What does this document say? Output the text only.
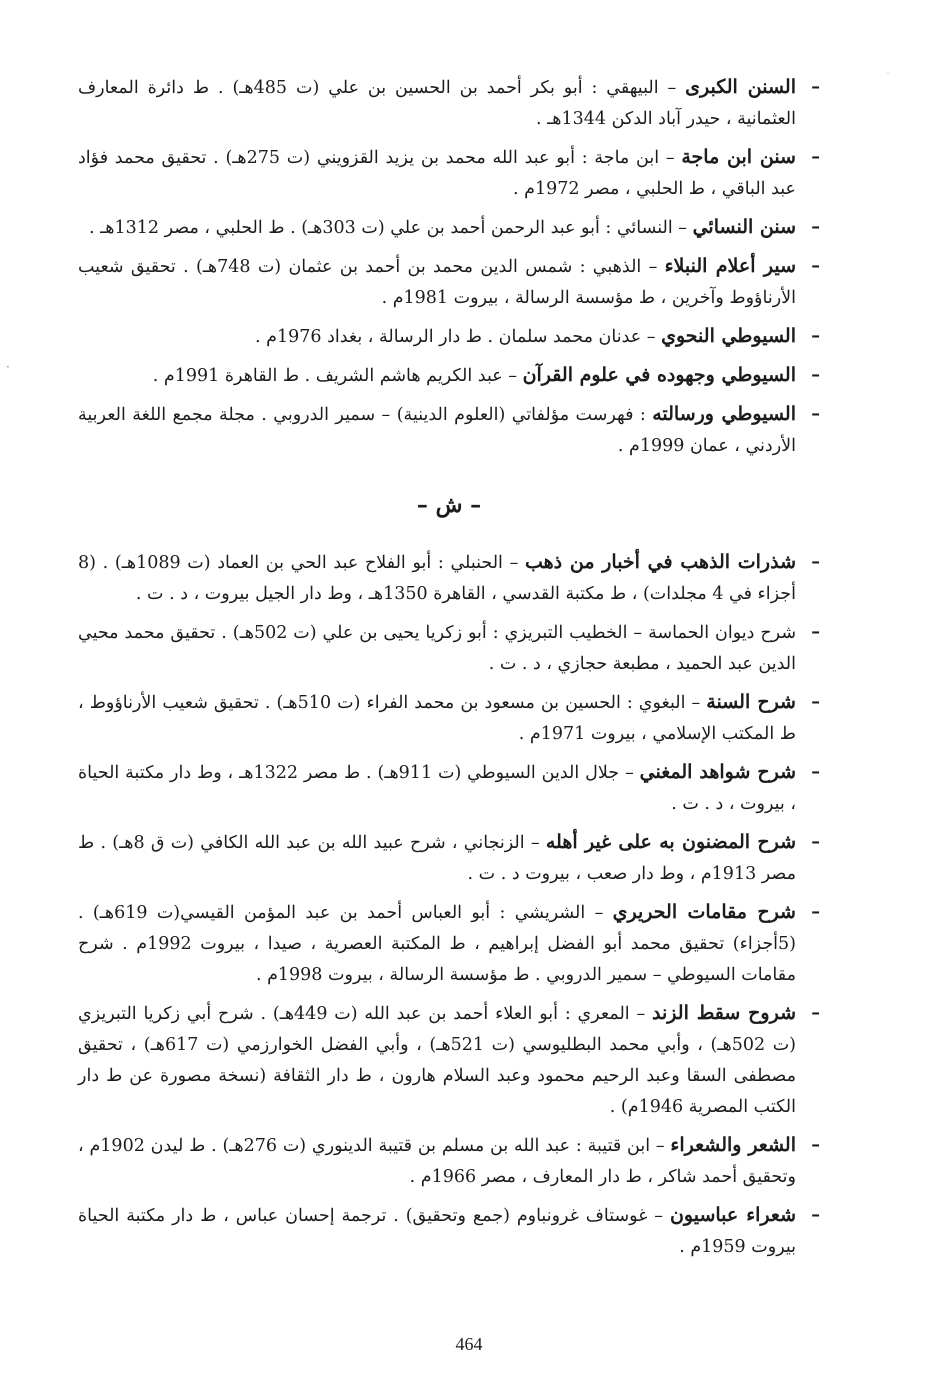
–
السنن الكبرى – البيهقي : أبو بكر أحمد بن الحسين بن علي (ت 485هـ) . ط دائرة المعارف العثمانية ، حيدر آباد الدكن 1344هـ .
–
سنن ابن ماجة – ابن ماجة : أبو عبد الله محمد بن يزيد القزويني (ت 275هـ) . تحقيق محمد فؤاد عبد الباقي ، ط الحلبي ، مصر 1972م .
–
سنن النسائي – النسائي : أبو عبد الرحمن أحمد بن علي (ت 303هـ) . ط الحلبي ، مصر 1312هـ .
–
سير أعلام النبلاء – الذهبي : شمس الدين محمد بن أحمد بن عثمان (ت 748هـ) . تحقيق شعيب الأرناؤوط وآخرين ، ط مؤسسة الرسالة ، بيروت 1981م .
–
السيوطي النحوي – عدنان محمد سلمان . ط دار الرسالة ، بغداد 1976م .
–
السيوطي وجهوده في علوم القرآن – عبد الكريم هاشم الشريف . ط القاهرة 1991م .
–
السيوطي ورسالته : فهرست مؤلفاتي (العلوم الدينية) – سمير الدروبي . مجلة مجمع اللغة العربية الأردني ، عمان 1999م .
– ش –
–
شذرات الذهب في أخبار من ذهب – الحنبلي : أبو الفلاح عبد الحي بن العماد (ت 1089هـ) . (8 أجزاء في 4 مجلدات) ، ط مكتبة القدسي ، القاهرة 1350هـ ، وط دار الجيل بيروت ، د . ت .
–
شرح ديوان الحماسة – الخطيب التبريزي : أبو زكريا يحيى بن علي (ت 502هـ) . تحقيق محمد محيي الدين عبد الحميد ، مطبعة حجازي ، د . ت .
–
شرح السنة – البغوي : الحسين بن مسعود بن محمد الفراء (ت 510هـ) . تحقيق شعيب الأرناؤوط ، ط المكتب الإسلامي ، بيروت 1971م .
–
شرح شواهد المغني – جلال الدين السيوطي (ت 911هـ) . ط مصر 1322هـ ، وط دار مكتبة الحياة ، بيروت ، د . ت .
–
شرح المضنون به على غير أهله – الزنجاني ، شرح عبيد الله بن عبد الله الكافي (ت ق 8هـ) . ط مصر 1913م ، وط دار صعب ، بيروت د . ت .
–
شرح مقامات الحريري – الشريشي : أبو العباس أحمد بن عبد المؤمن القيسي(ت 619هـ) . (5أجزاء) تحقيق محمد أبو الفضل إبراهيم ، ط المكتبة العصرية ، صيدا ، بيروت 1992م . شرح مقامات السيوطي – سمير الدروبي . ط مؤسسة الرسالة ، بيروت 1998م .
–
شروح سقط الزند – المعري : أبو العلاء أحمد بن عبد الله (ت 449هـ) . شرح أبي زكريا التبريزي (ت 502هـ) ، وأبي محمد البطليوسي (ت 521هـ) ، وأبي الفضل الخوارزمي (ت 617هـ) ، تحقيق مصطفى السقا وعبد الرحيم محمود وعبد السلام هارون ، ط دار الثقافة (نسخة مصورة عن ط دار الكتب المصرية 1946م) .
–
الشعر والشعراء – ابن قتيبة : عبد الله بن مسلم بن قتيبة الدينوري (ت 276هـ) . ط ليدن 1902م ، وتحقيق أحمد شاكر ، ط دار المعارف ، مصر 1966م .
–
شعراء عباسيون – غوستاف غرونباوم (جمع وتحقيق) . ترجمة إحسان عباس ، ط دار مكتبة الحياة بيروت 1959م .
·
464
